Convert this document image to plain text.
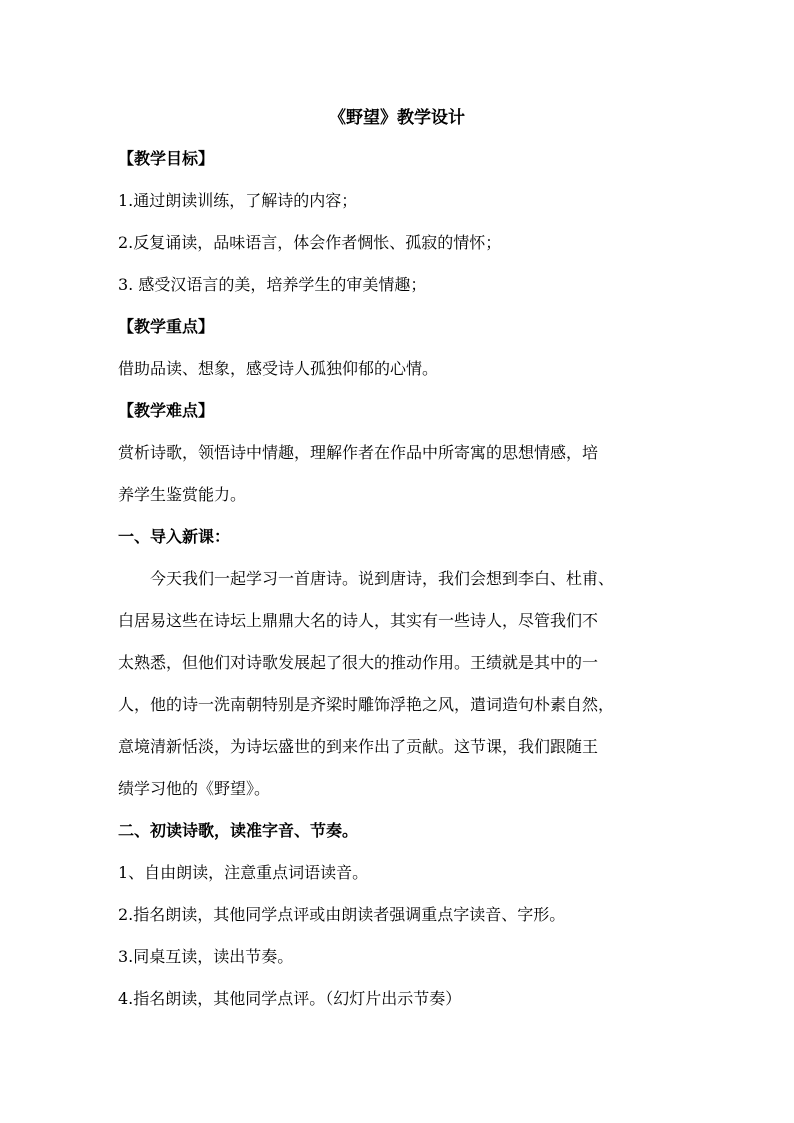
《野望》教学设计
【教学目标】
1.通过朗读训练，了解诗的内容；
2.反复诵读，品味语言，体会作者惆怅、孤寂的情怀；
3. 感受汉语言的美，培养学生的审美情趣；
【教学重点】
借助品读、想象，感受诗人孤独仰郁的心情。
【教学难点】
赏析诗歌，领悟诗中情趣，理解作者在作品中所寄寓的思想情感，培
养学生鉴赏能力。
一、导入新课：
今天我们一起学习一首唐诗。说到唐诗，我们会想到李白、杜甫、
白居易这些在诗坛上鼎鼎大名的诗人，其实有一些诗人，尽管我们不
太熟悉，但他们对诗歌发展起了很大的推动作用。王绩就是其中的一
人，他的诗一洗南朝特别是齐梁时雕饰浮艳之风，遣词造句朴素自然，
意境清新恬淡，为诗坛盛世的到来作出了贡献。这节课，我们跟随王
绩学习他的《野望》。
二、初读诗歌，读准字音、节奏。
1、自由朗读，注意重点词语读音。
2.指名朗读，其他同学点评或由朗读者强调重点字读音、字形。
3.同桌互读，读出节奏。
4.指名朗读，其他同学点评。（幻灯片出示节奏）
